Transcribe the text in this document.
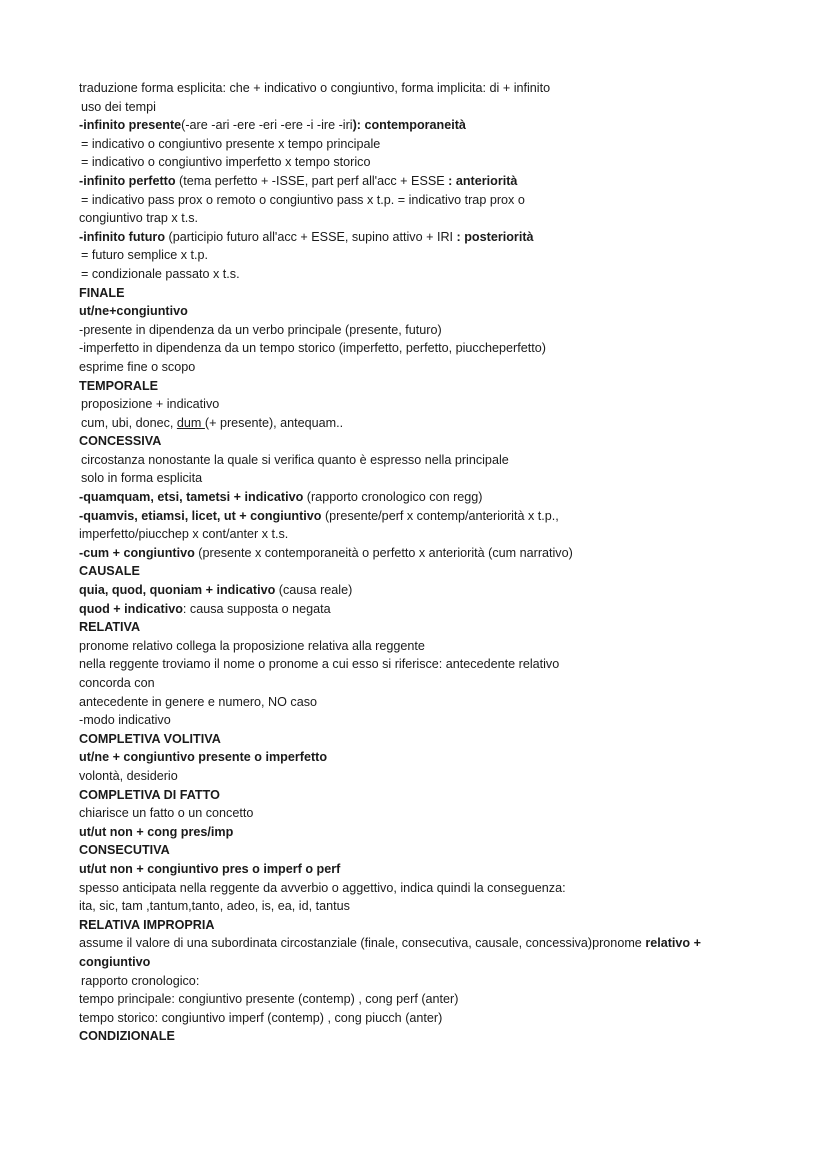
traduzione forma esplicita: che + indicativo o congiuntivo, forma implicita: di + infinito
uso dei tempi
-infinito presente(-are -ari -ere -eri -ere -i -ire -iri): contemporaneità
= indicativo o congiuntivo presente x tempo principale
= indicativo o congiuntivo imperfetto x tempo storico
-infinito perfetto (tema perfetto + -ISSE, part perf all'acc + ESSE : anteriorità
= indicativo pass prox o remoto o congiuntivo pass x t.p. = indicativo trap prox o
congiuntivo trap x t.s.
-infinito futuro (participio futuro all'acc + ESSE, supino attivo + IRI : posteriorità
= futuro semplice x t.p.
= condizionale passato x t.s.
FINALE
ut/ne+congiuntivo
-presente in dipendenza da un verbo principale (presente, futuro)
-imperfetto in dipendenza da un tempo storico (imperfetto, perfetto, piuccheperfetto)
esprime fine o scopo
TEMPORALE
proposizione + indicativo
cum, ubi, donec, dum (+ presente), antequam..
CONCESSIVA
circostanza nonostante la quale si verifica quanto è espresso nella principale
solo in forma esplicita
-quamquam, etsi, tametsi + indicativo (rapporto cronologico con regg)
-quamvis, etiamsi, licet, ut + congiuntivo (presente/perf x contemp/anteriorità x t.p.,
imperfetto/piucchep x cont/anter x t.s.
-cum + congiuntivo (presente x contemporaneità o perfetto x anteriorità (cum narrativo)
CAUSALE
quia, quod, quoniam + indicativo (causa reale)
quod + indicativo: causa supposta o negata
RELATIVA
pronome relativo collega la proposizione relativa alla reggente
nella reggente troviamo il nome o pronome a cui esso si riferisce: antecedente relativo
concorda con
antecedente in genere e numero, NO caso
-modo indicativo
COMPLETIVA VOLITIVA
ut/ne + congiuntivo presente o imperfetto
volontà, desiderio
COMPLETIVA DI FATTO
chiarisce un fatto o un concetto
ut/ut non + cong pres/imp
CONSECUTIVA
ut/ut non + congiuntivo pres o imperf o perf
spesso anticipata nella reggente da avverbio o aggettivo, indica quindi la conseguenza:
ita, sic, tam ,tantum,tanto, adeo, is, ea, id, tantus
RELATIVA IMPROPRIA
assume il valore di una subordinata circostanziale (finale, consecutiva, causale, concessiva)pronome relativo +
congiuntivo
rapporto cronologico:
tempo principale: congiuntivo presente (contemp) , cong perf (anter)
tempo storico: congiuntivo imperf (contemp) , cong piucch (anter)
CONDIZIONALE
